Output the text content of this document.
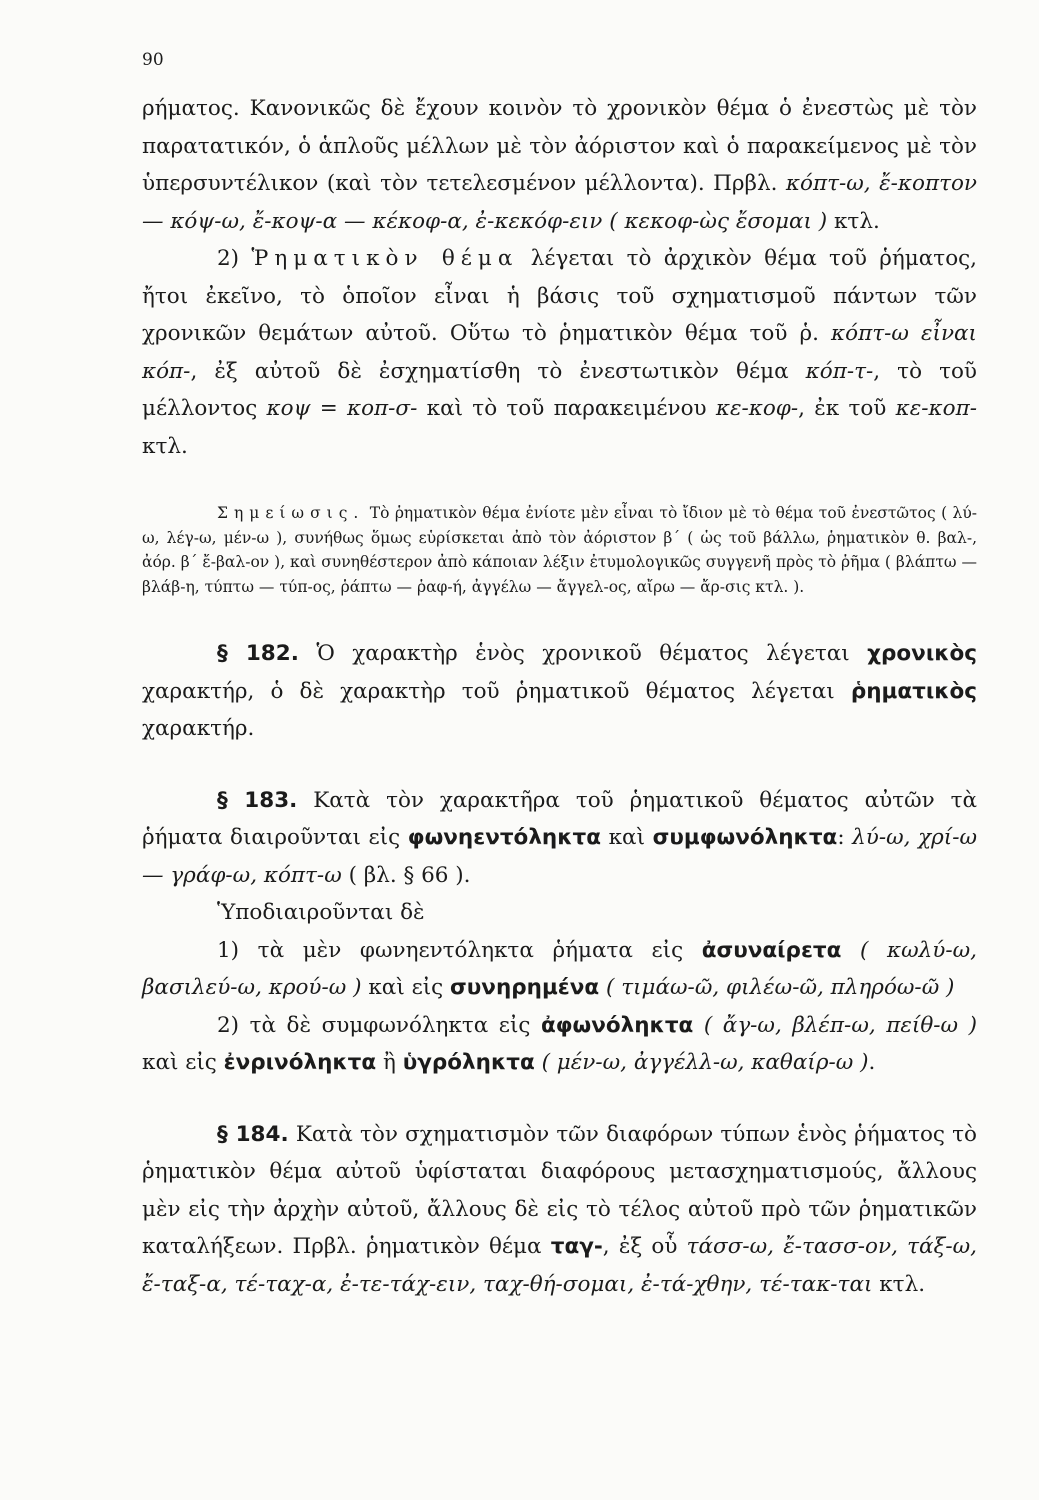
90

ρήματος. Κανονικῶς δὲ ἔχουν κοινὸν τὸ χρονικὸν θέμα ὁ ἐνεστὼς μὲ τὸν παρατατικόν, ὁ ἁπλοῦς μέλλων μὲ τὸν ἀόριστον καὶ ὁ παρακείμενος μὲ τὸν ὑπερσυντέλικον (καὶ τὸν τετελεσμένον μέλλοντα). Πρβλ. κόπτ-ω, ἔ-κοπτον — κόψ-ω, ἔ-κοψ-α — κέκοφ-α, ἐ-κεκόφ-ειν ( κεκοφ-ὼς ἔσομαι ) κτλ.

2) Ῥηματικὸν θέμα λέγεται τὸ ἀρχικὸν θέμα τοῦ ῥήματος, ἤτοι ἐκεῖνο, τὸ ὁποῖον εἶναι ἡ βάσις τοῦ σχηματισμοῦ πάντων τῶν χρονικῶν θεμάτων αὐτοῦ. Οὕτω τὸ ῥηματικὸν θέμα τοῦ ῥ. κόπτ-ω εἶναι κόπ-, ἐξ αὐτοῦ δὲ ἐσχηματίσθη τὸ ἐνεστωτικὸν θέμα κόπ-τ-, τὸ τοῦ μέλλοντος κοψ = κοπ-σ- καὶ τὸ τοῦ παρακειμένου κε-κοφ-, ἐκ τοῦ κε-κοπ- κτλ.

Σημείωσις. Τὸ ῥηματικὸν θέμα ἐνίοτε μὲν εἶναι τὸ ἴδιον μὲ τὸ θέμα τοῦ ἐνεστῶτος ( λύ-ω, λέγ-ω, μέν-ω ), συνήθως ὅμως εὑρίσκεται ἀπὸ τὸν ἀόριστον β΄ ( ὡς τοῦ βάλλω, ῥηματικὸν θ. βαλ-, ἀόρ. β΄ ἔ-βαλ-ον ), καὶ συνηθέστερον ἀπὸ κάποιαν λέξιν ἐτυμολογικῶς συγγενῆ πρὸς τὸ ῥῆμα ( βλάπτω — βλάβ-η, τύπτω — τύπ-ος, ῥάπτω — ῥαφ-ή, ἀγγέλω — ἄγγελ-ος, αἴρω — ἄρ-σις κτλ. ).

§ 182. Ὁ χαρακτὴρ ἑνὸς χρονικοῦ θέματος λέγεται χρονικὸς χαρακτήρ, ὁ δὲ χαρακτὴρ τοῦ ῥηματικοῦ θέματος λέγεται ῥηματικὸς χαρακτήρ.

§ 183. Κατὰ τὸν χαρακτῆρα τοῦ ῥηματικοῦ θέματος αὐτῶν τὰ ῥήματα διαιροῦνται εἰς φωνηεντόληκτα καὶ συμφωνόληκτα: λύ-ω, χρί-ω — γράφ-ω, κόπτ-ω ( βλ. § 66 ).

Ὑποδιαιροῦνται δὲ

1) τὰ μὲν φωνηεντόληκτα ῥήματα εἰς ἀσυναίρετα ( κωλύ-ω, βασιλεύ-ω, κρού-ω ) καὶ εἰς συνηρημένα ( τιμάω-ῶ, φιλέω-ῶ, πληρόω-ῶ )

2) τὰ δὲ συμφωνόληκτα εἰς ἀφωνόληκτα ( ἄγ-ω, βλέπ-ω, πείθ-ω ) καὶ εἰς ἐνρινόληκτα ἢ ὑγρόληκτα ( μέν-ω, ἀγγέλλ-ω, καθαίρ-ω ).

§ 184. Κατὰ τὸν σχηματισμὸν τῶν διαφόρων τύπων ἑνὸς ῥήματος τὸ ῥηματικὸν θέμα αὐτοῦ ὑφίσταται διαφόρους μετασχηματισμούς, ἄλλους μὲν εἰς τὴν ἀρχὴν αὐτοῦ, ἄλλους δὲ εἰς τὸ τέλος αὐτοῦ πρὸ τῶν ῥηματικῶν καταλήξεων. Πρβλ. ῥηματικὸν θέμα ταγ-, ἐξ οὗ τάσσ-ω, ἔ-τασσ-ον, τάξ-ω, ἔ-ταξ-α, τέ-ταχ-α, ἐ-τε-τάχ-ειν, ταχ-θή-σομαι, ἐ-τά-χθην, τέ-τακ-ται κτλ.
